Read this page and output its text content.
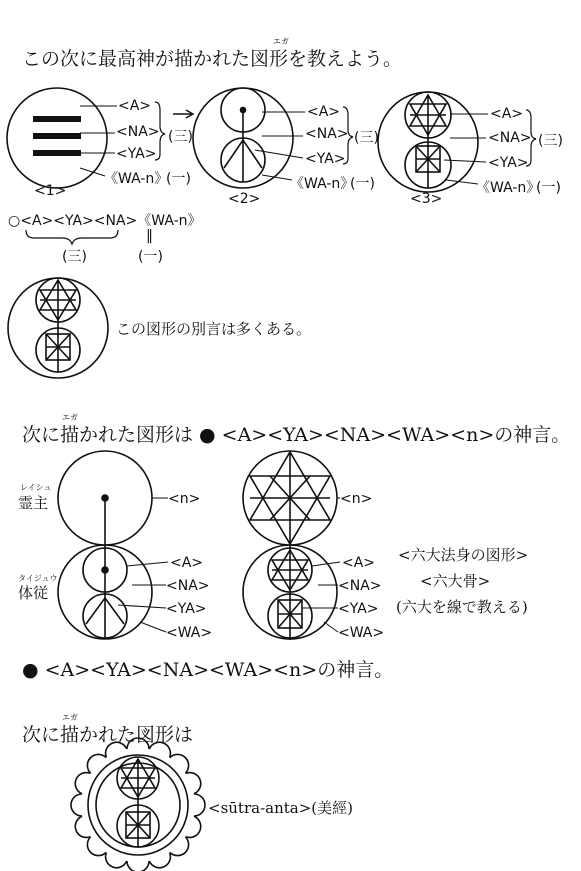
この次に最高神が描かれた図形を教えよう。
エガ
<A>
<NA>
<YA>
《WA-n》
(一)
(三)
<1>
<A>
<NA>
<YA>
《WA-n》
(一)
(三)
<2>
<A>
<NA>
<YA>
《WA-n》
(一)
(三)
<3>
○<A><YA><NA>《WA-n》
‖
(三)	(一)
この図形の別言は多くある。
次に描かれた図形は ● <A><YA><NA><WA><n>の神言。
エガ
レイシュ
霊主
タイジュウ
体従
<n>
<A>
<NA>
<YA>
<WA>
<n>
<A>
<NA>
<YA>
<WA>
<六大法身の図形>
<六大骨>
(六大を線で教える)
● <A><YA><NA><WA><n>の神言。
次に描かれた図形は
エガ
<sūtra-anta>(美經)
